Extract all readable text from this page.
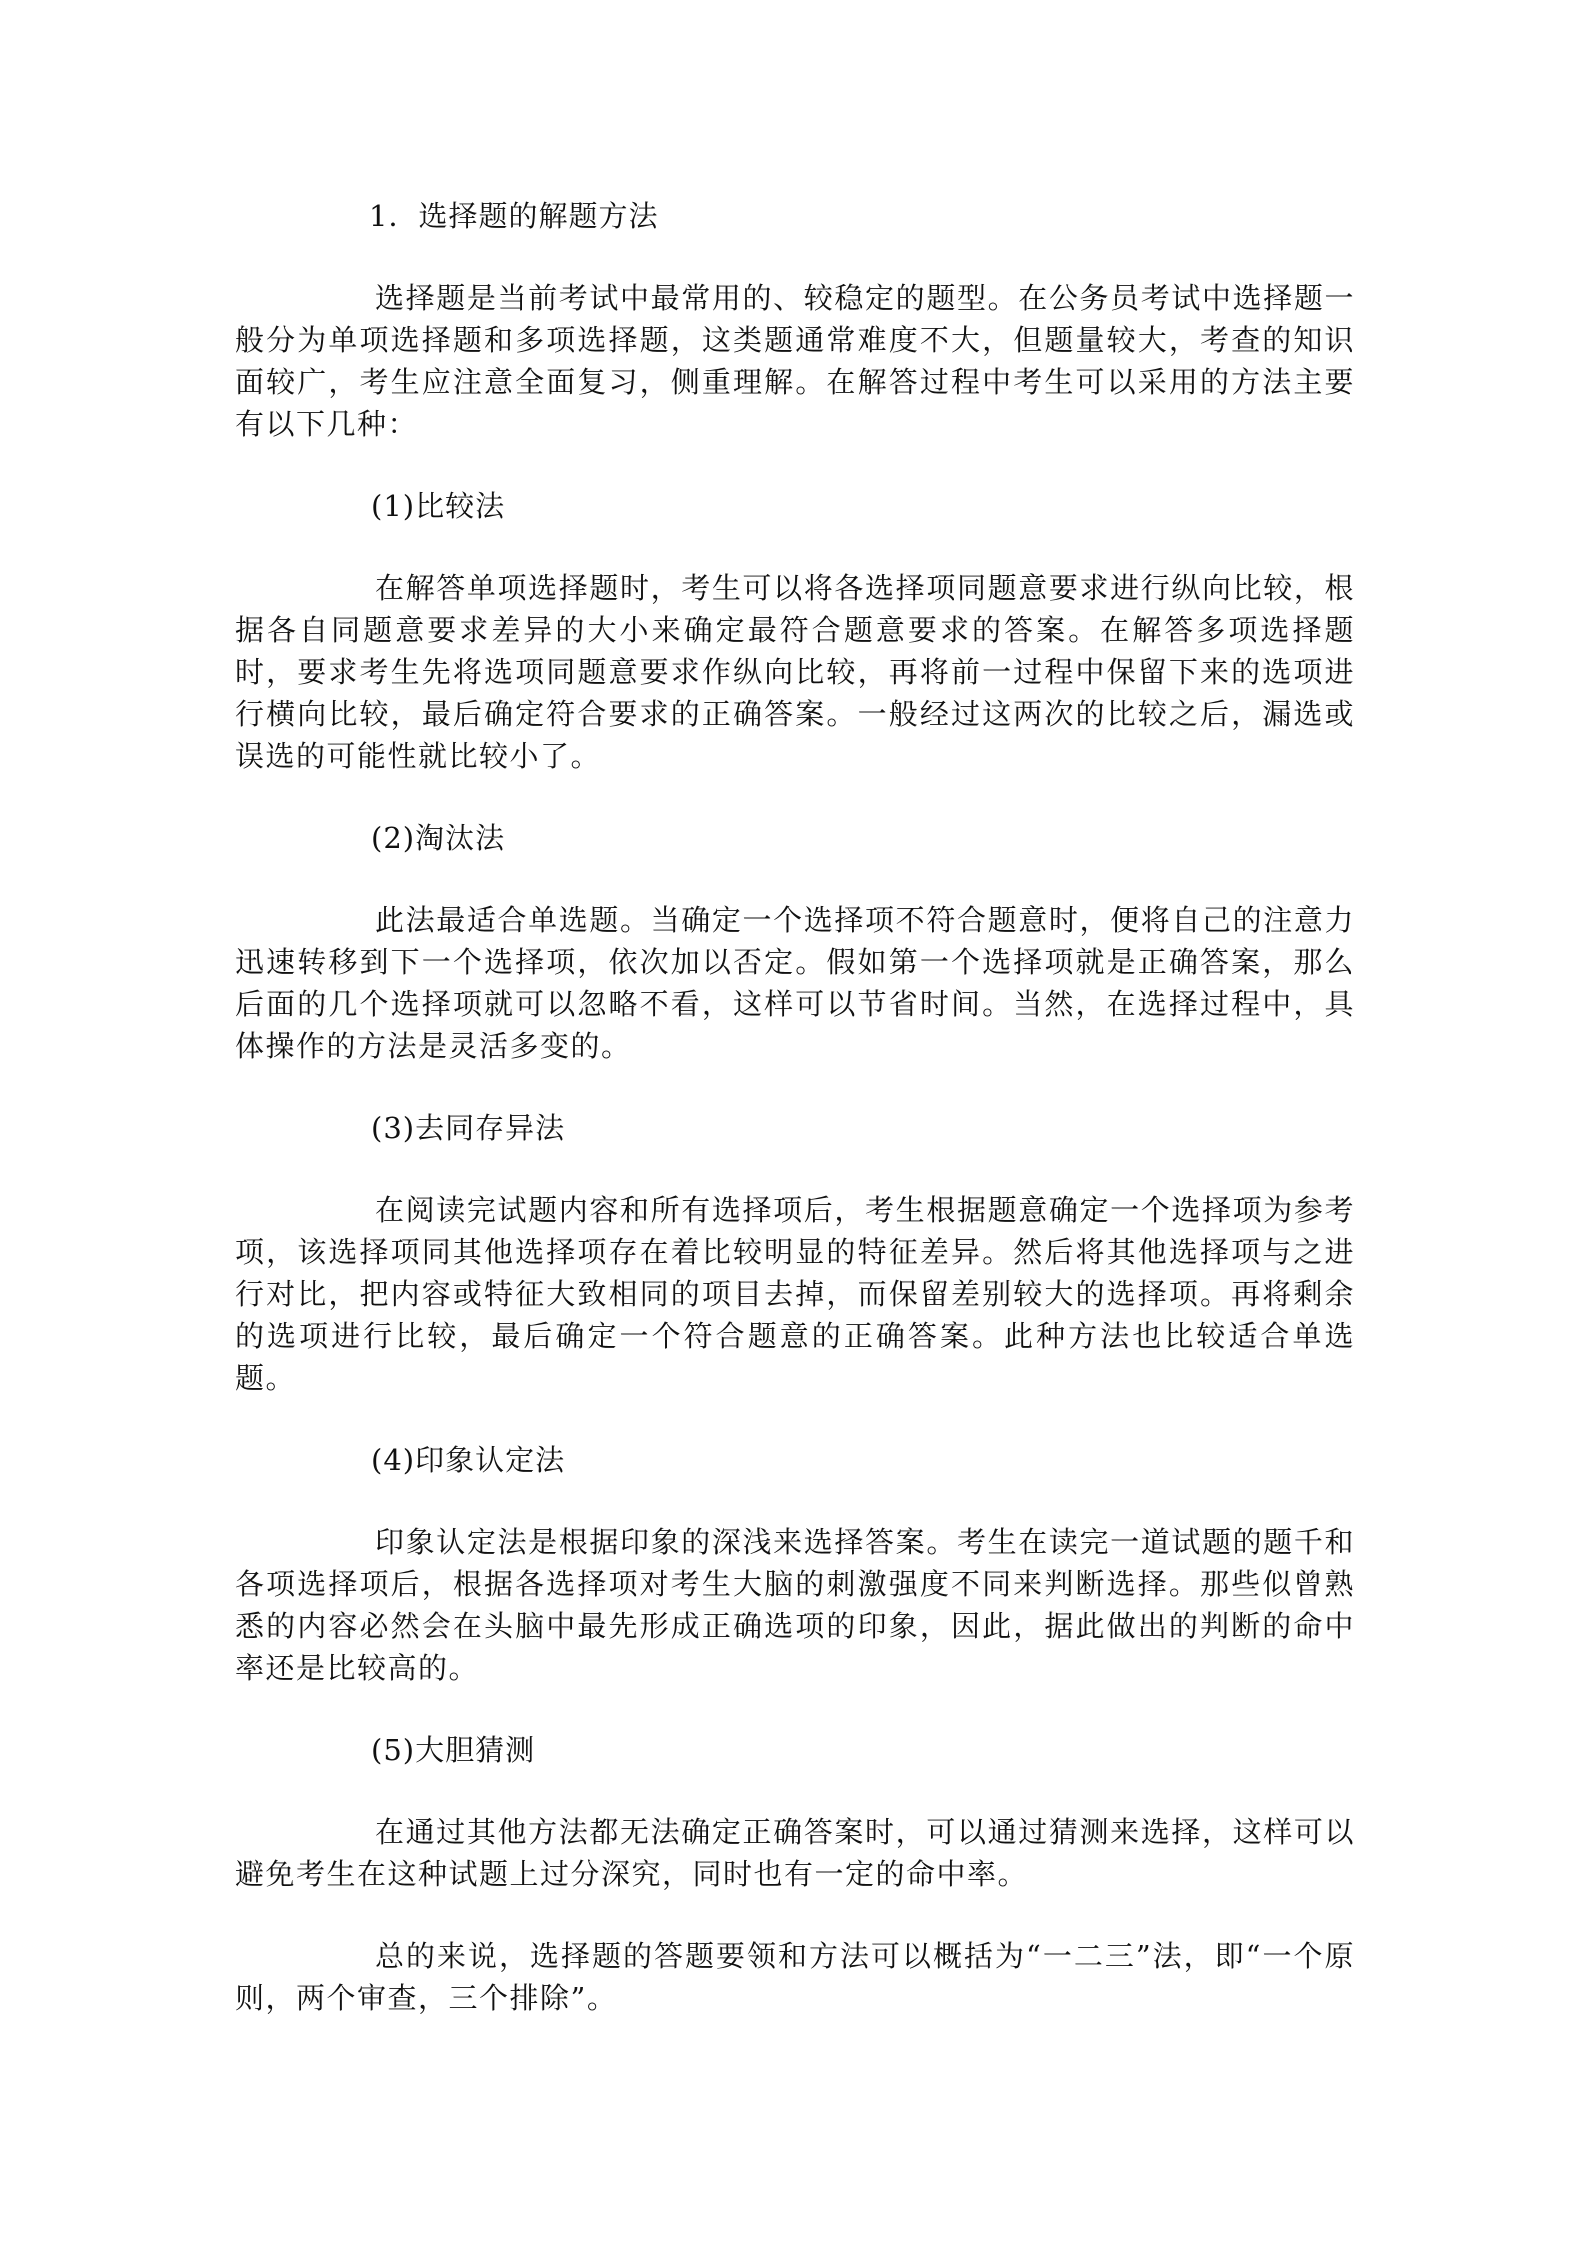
1．选择题的解题方法

选择题是当前考试中最常用的、较稳定的题型。在公务员考试中选择题一般分为单项选择题和多项选择题，这类题通常难度不大，但题量较大，考查的知识面较广，考生应注意全面复习，侧重理解。在解答过程中考生可以采用的方法主要有以下几种：

(1)比较法

在解答单项选择题时，考生可以将各选择项同题意要求进行纵向比较，根据各自同题意要求差异的大小来确定最符合题意要求的答案。在解答多项选择题时，要求考生先将选项同题意要求作纵向比较，再将前一过程中保留下来的选项进行横向比较，最后确定符合要求的正确答案。一般经过这两次的比较之后，漏选或误选的可能性就比较小了。

(2)淘汰法

此法最适合单选题。当确定一个选择项不符合题意时，便将自己的注意力迅速转移到下一个选择项，依次加以否定。假如第一个选择项就是正确答案，那么后面的几个选择项就可以忽略不看，这样可以节省时间。当然，在选择过程中，具体操作的方法是灵活多变的。

(3)去同存异法

在阅读完试题内容和所有选择项后，考生根据题意确定一个选择项为参考项，该选择项同其他选择项存在着比较明显的特征差异。然后将其他选择项与之进行对比，把内容或特征大致相同的项目去掉，而保留差别较大的选择项。再将剩余的选项进行比较，最后确定一个符合题意的正确答案。此种方法也比较适合单选题。

(4)印象认定法

印象认定法是根据印象的深浅来选择答案。考生在读完一道试题的题千和各项选择项后，根据各选择项对考生大脑的刺激强度不同来判断选择。那些似曾熟悉的内容必然会在头脑中最先形成正确选项的印象，因此，据此做出的判断的命中率还是比较高的。

(5)大胆猜测

在通过其他方法都无法确定正确答案时，可以通过猜测来选择，这样可以避免考生在这种试题上过分深究，同时也有一定的命中率。

总的来说，选择题的答题要领和方法可以概括为“一二三”法，即“一个原则，两个审查，三个排除”。
